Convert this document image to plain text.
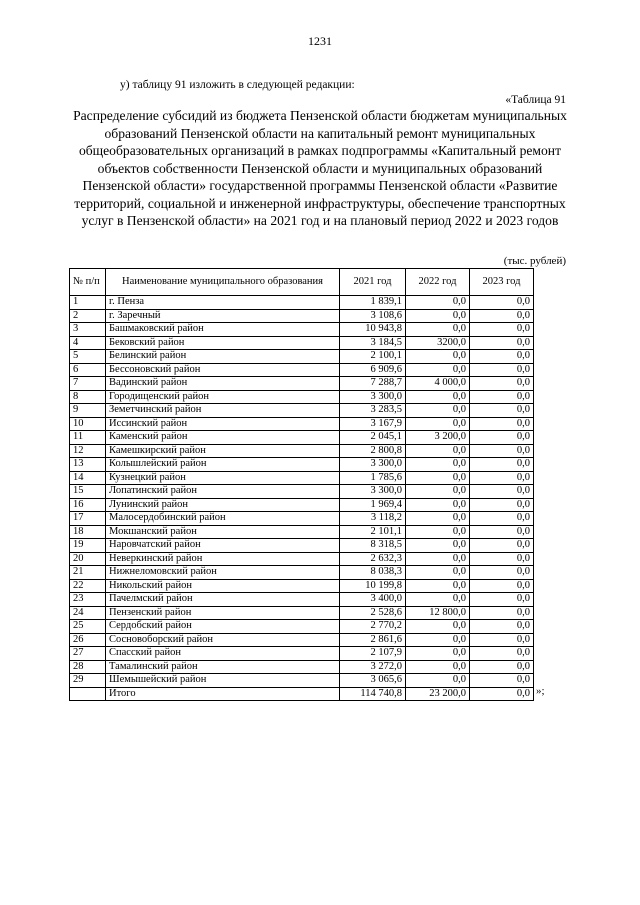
1231
у) таблицу 91 изложить в следующей редакции:
«Таблица 91
Распределение субсидий из бюджета Пензенской области бюджетам муниципальных образований Пензенской области на капитальный ремонт муниципальных общеобразовательных организаций в рамках подпрограммы «Капитальный ремонт объектов собственности Пензенской области и муниципальных образований Пензенской области» государственной программы Пензенской области «Развитие территорий, социальной и инженерной инфраструктуры, обеспечение транспортных услуг в Пензенской области» на 2021 год и на плановый период 2022 и 2023 годов
(тыс. рублей)
№ п/п	Наименование муниципального образования	2021 год	2022 год	2023 год
1	г. Пенза	1 839,1	0,0	0,0
2	г. Заречный	3 108,6	0,0	0,0
3	Башмаковский район	10 943,8	0,0	0,0
4	Бековский район	3 184,5	3200,0	0,0
5	Белинский район	2 100,1	0,0	0,0
6	Бессоновский район	6 909,6	0,0	0,0
7	Вадинский район	7 288,7	4 000,0	0,0
8	Городищенский район	3 300,0	0,0	0,0
9	Земетчинский район	3 283,5	0,0	0,0
10	Иссинский район	3 167,9	0,0	0,0
11	Каменский район	2 045,1	3 200,0	0,0
12	Камешкирский район	2 800,8	0,0	0,0
13	Колышлейский район	3 300,0	0,0	0,0
14	Кузнецкий район	1 785,6	0,0	0,0
15	Лопатинский район	3 300,0	0,0	0,0
16	Лунинский район	1 969,4	0,0	0,0
17	Малосердобинский район	3 118,2	0,0	0,0
18	Мокшанский район	2 101,1	0,0	0,0
19	Наровчатский район	8 318,5	0,0	0,0
20	Неверкинский район	2 632,3	0,0	0,0
21	Нижнеломовский район	8 038,3	0,0	0,0
22	Никольский район	10 199,8	0,0	0,0
23	Пачелмский район	3 400,0	0,0	0,0
24	Пензенский район	2 528,6	12 800,0	0,0
25	Сердобский район	2 770,2	0,0	0,0
26	Сосновоборский район	2 861,6	0,0	0,0
27	Спасский район	2 107,9	0,0	0,0
28	Тамалинский район	3 272,0	0,0	0,0
29	Шемышейский район	3 065,6	0,0	0,0
	Итого	114 740,8	23 200,0	0,0 »;
